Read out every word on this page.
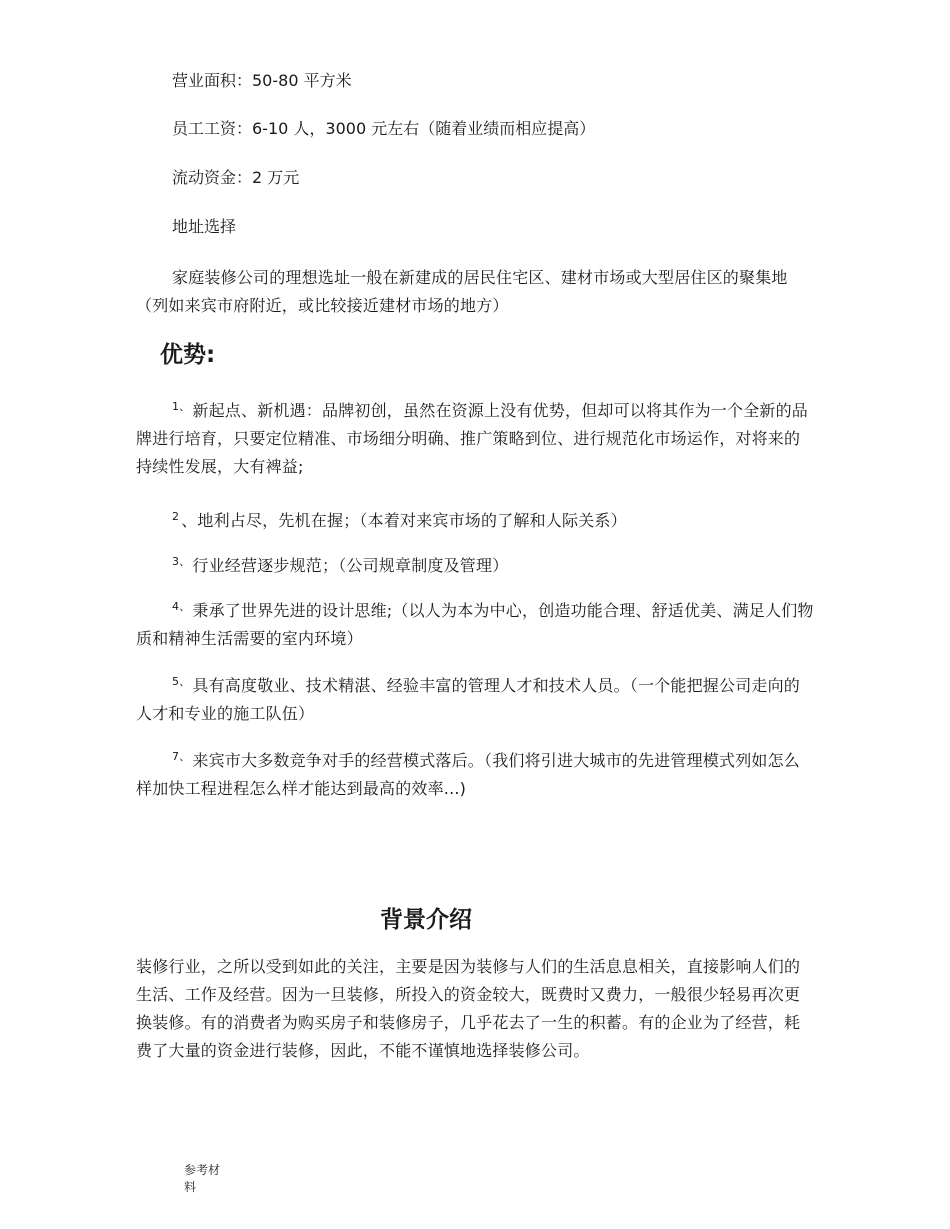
营业面积：50-80 平方米
员工工资：6-10 人，3000 元左右（随着业绩而相应提高）
流动资金：2 万元
地址选择

家庭装修公司的理想选址一般在新建成的居民住宅区、建材市场或大型居住区的聚集地（列如来宾市府附近，或比较接近建材市场的地方）

优势:

$^{1、}$ 新起点、新机遇：品牌初创，虽然在资源上没有优势，但却可以将其作为一个全新的品牌进行培育，只要定位精准、市场细分明确、推广策略到位、进行规范化市场运作，对将来的持续性发展，大有裨益;

$^2$ 、地利占尽，先机在握；（本着对来宾市场的了解和人际关系）

$^{3、}$ 行业经营逐步规范；（公司规章制度及管理）

$^{4、}$ 秉承了世界先进的设计思维;（以人为本为中心，创造功能合理、舒适优美、满足人们物质和精神生活需要的室内环境）

$^{5、}$ 具有高度敬业、技术精湛、经验丰富的管理人才和技术人员。（一个能把握公司走向的人才和专业的施工队伍）

$^{7、}$ 来宾市大多数竞争对手的经营模式落后。（我们将引进大城市的先进管理模式列如怎么样加快工程进程怎么样才能达到最高的效率...)

背景介绍

装修行业，之所以受到如此的关注，主要是因为装修与人们的生活息息相关，直接影响人们的生活、工作及经营。因为一旦装修，所投入的资金较大，既费时又费力，一般很少轻易再次更换装修。有的消费者为购买房子和装修房子，几乎花去了一生的积蓄。有的企业为了经营，耗费了大量的资金进行装修，因此，不能不谨慎地选择装修公司。

参考材料
